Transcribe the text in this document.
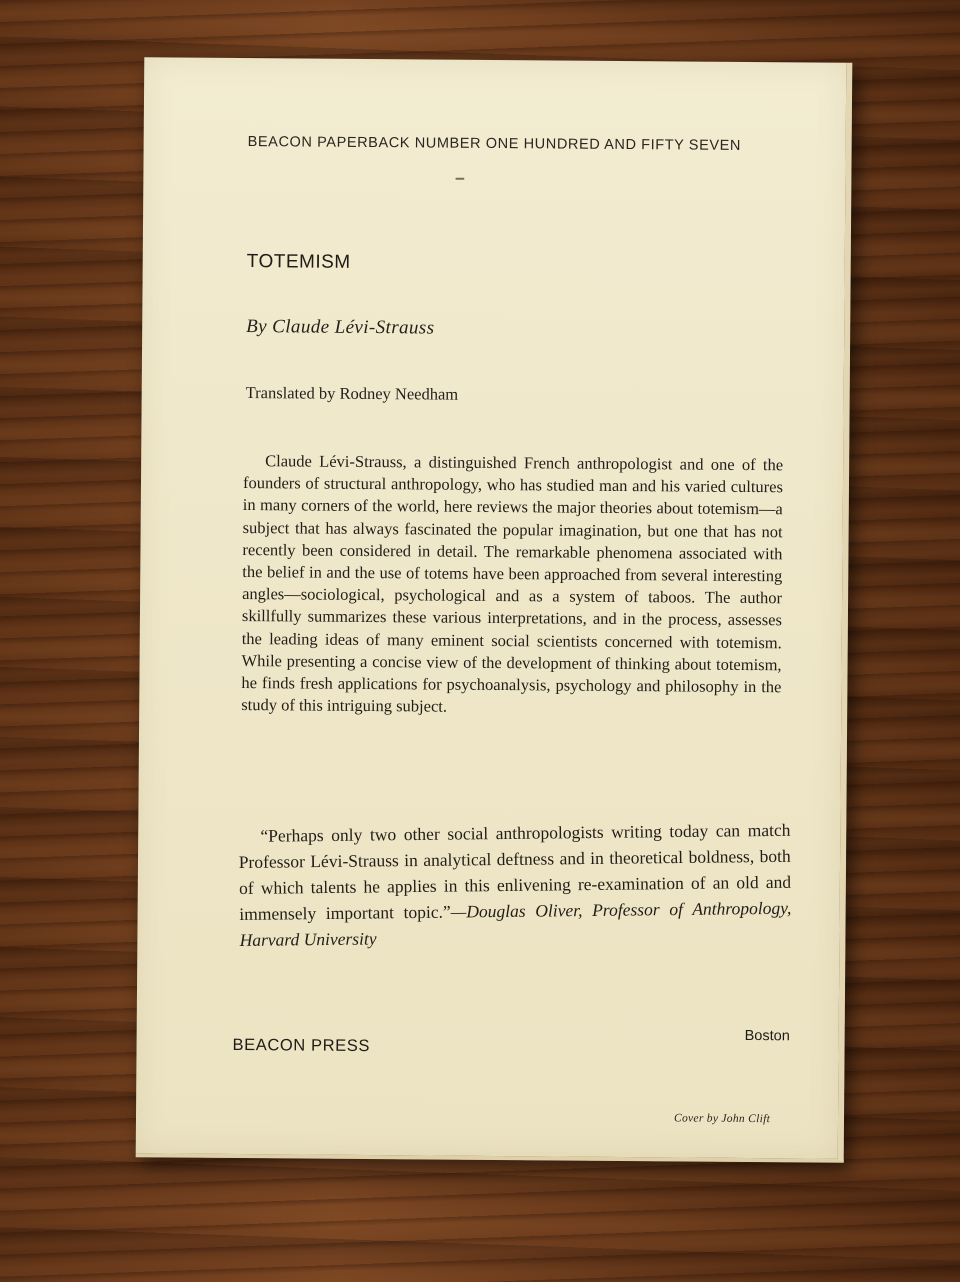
BEACON PAPERBACK NUMBER ONE HUNDRED AND FIFTY SEVEN
TOTEMISM
By Claude Lévi-Strauss
Translated by Rodney Needham
Claude Lévi-Strauss, a distinguished French anthropologist and one of the founders of structural anthropology, who has studied man and his varied cultures in many corners of the world, here reviews the major theories about totemism—a subject that has always fascinated the popular imagination, but one that has not recently been considered in detail. The remarkable phenomena associated with the belief in and the use of totems have been approached from several interesting angles—sociological, psychological and as a system of taboos. The author skillfully summarizes these various interpretations, and in the process, assesses the leading ideas of many eminent social scientists concerned with totemism. While presenting a concise view of the development of thinking about totemism, he finds fresh applications for psychoanalysis, psychology and philosophy in the study of this intriguing subject.
“Perhaps only two other social anthropologists writing today can match Professor Lévi-Strauss in analytical deftness and in theoretical boldness, both of which talents he applies in this enlivening re-examination of an old and immensely important topic.”—Douglas Oliver, Professor of Anthropology, Harvard University
BEACON PRESS	Boston
Cover by John Clift
